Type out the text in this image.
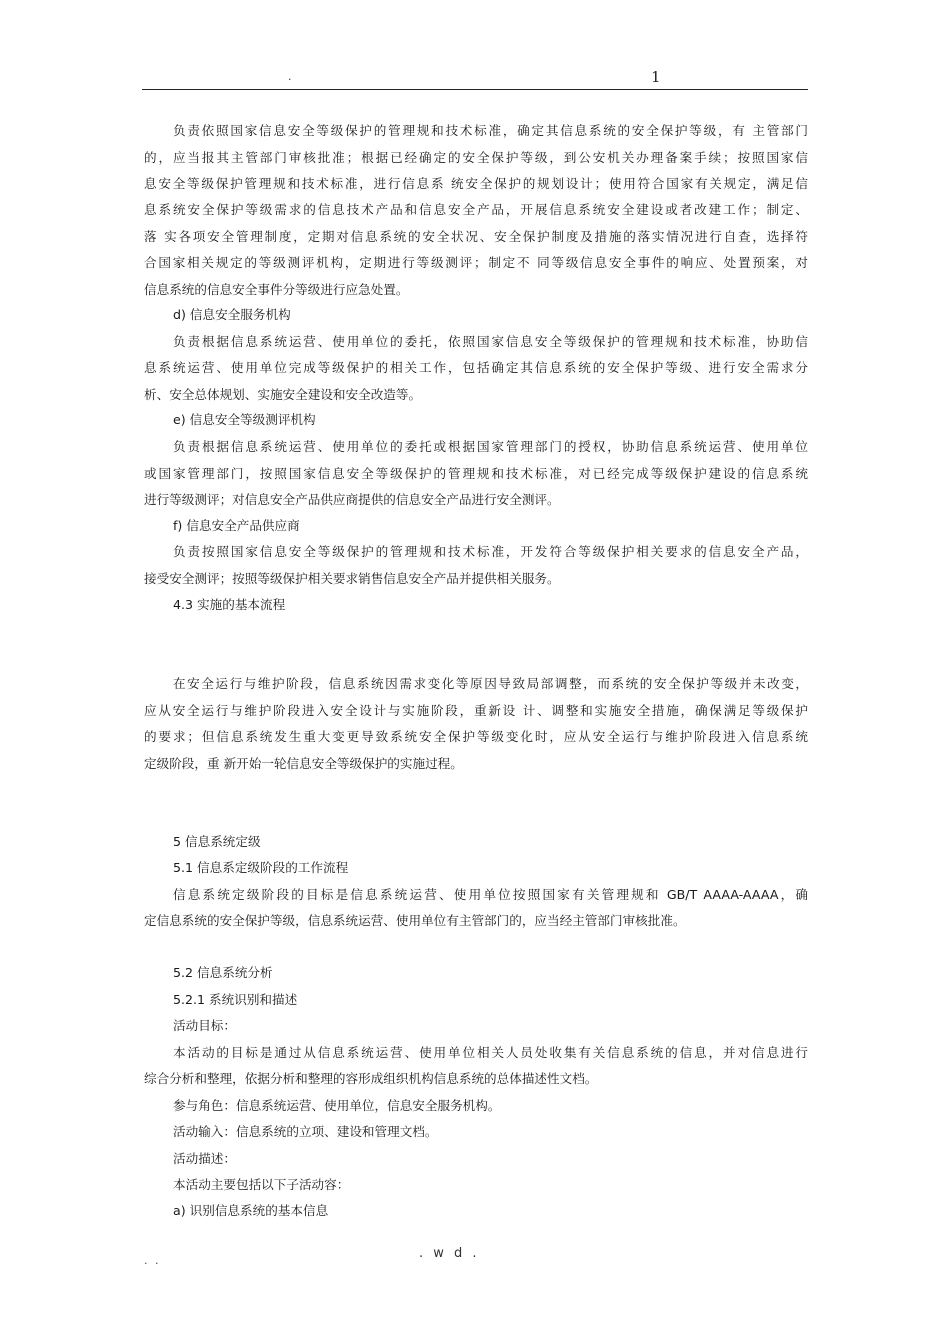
.	1
负责依照国家信息安全等级保护的管理规和技术标准，确定其信息系统的安全保护等级，有 主管部门
的，应当报其主管部门审核批准；根据已经确定的安全保护等级，到公安机关办理备案手续；按照国家信
息安全等级保护管理规和技术标准，进行信息系 统安全保护的规划设计；使用符合国家有关规定，满足信
息系统安全保护等级需求的信息技术产品和信息安全产品，开展信息系统安全建设或者改建工作；制定、
落 实各项安全管理制度，定期对信息系统的安全状况、安全保护制度及措施的落实情况进行自查，选择符
合国家相关规定的等级测评机构，定期进行等级测评；制定不 同等级信息安全事件的响应、处置预案，对
信息系统的信息安全事件分等级进行应急处置。
d) 信息安全服务机构
负责根据信息系统运营、使用单位的委托，依照国家信息安全等级保护的管理规和技术标准，协助信
息系统运营、使用单位完成等级保护的相关工作，包括确定其信息系统的安全保护等级、进行安全需求分
析、安全总体规划、实施安全建设和安全改造等。
e) 信息安全等级测评机构
负责根据信息系统运营、使用单位的委托或根据国家管理部门的授权，协助信息系统运营、使用单位
或国家管理部门，按照国家信息安全等级保护的管理规和技术标准，对已经完成等级保护建设的信息系统
进行等级测评；对信息安全产品供应商提供的信息安全产品进行安全测评。
f) 信息安全产品供应商
负责按照国家信息安全等级保护的管理规和技术标准，开发符合等级保护相关要求的信息安全产品，
接受安全测评；按照等级保护相关要求销售信息安全产品并提供相关服务。
4.3 实施的基本流程
在安全运行与维护阶段，信息系统因需求变化等原因导致局部调整，而系统的安全保护等级并未改变，
应从安全运行与维护阶段进入安全设计与实施阶段，重新设 计、调整和实施安全措施，确保满足等级保护
的要求；但信息系统发生重大变更导致系统安全保护等级变化时，应从安全运行与维护阶段进入信息系统
定级阶段，重 新开始一轮信息安全等级保护的实施过程。
5 信息系统定级
5.1 信息系定级阶段的工作流程
信息系统定级阶段的目标是信息系统运营、使用单位按照国家有关管理规和 GB/T AAAA-AAAA，确
定信息系统的安全保护等级，信息系统运营、使用单位有主管部门的，应当经主管部门审核批准。
5.2 信息系统分析
5.2.1 系统识别和描述
活动目标：
本活动的目标是通过从信息系统运营、使用单位相关人员处收集有关信息系统的信息，并对信息进行
综合分析和整理，依据分析和整理的容形成组织机构信息系统的总体描述性文档。
参与角色：信息系统运营、使用单位，信息安全服务机构。
活动输入：信息系统的立项、建设和管理文档。
活动描述：
本活动主要包括以下子活动容：
a) 识别信息系统的基本信息
. .	. w d .
